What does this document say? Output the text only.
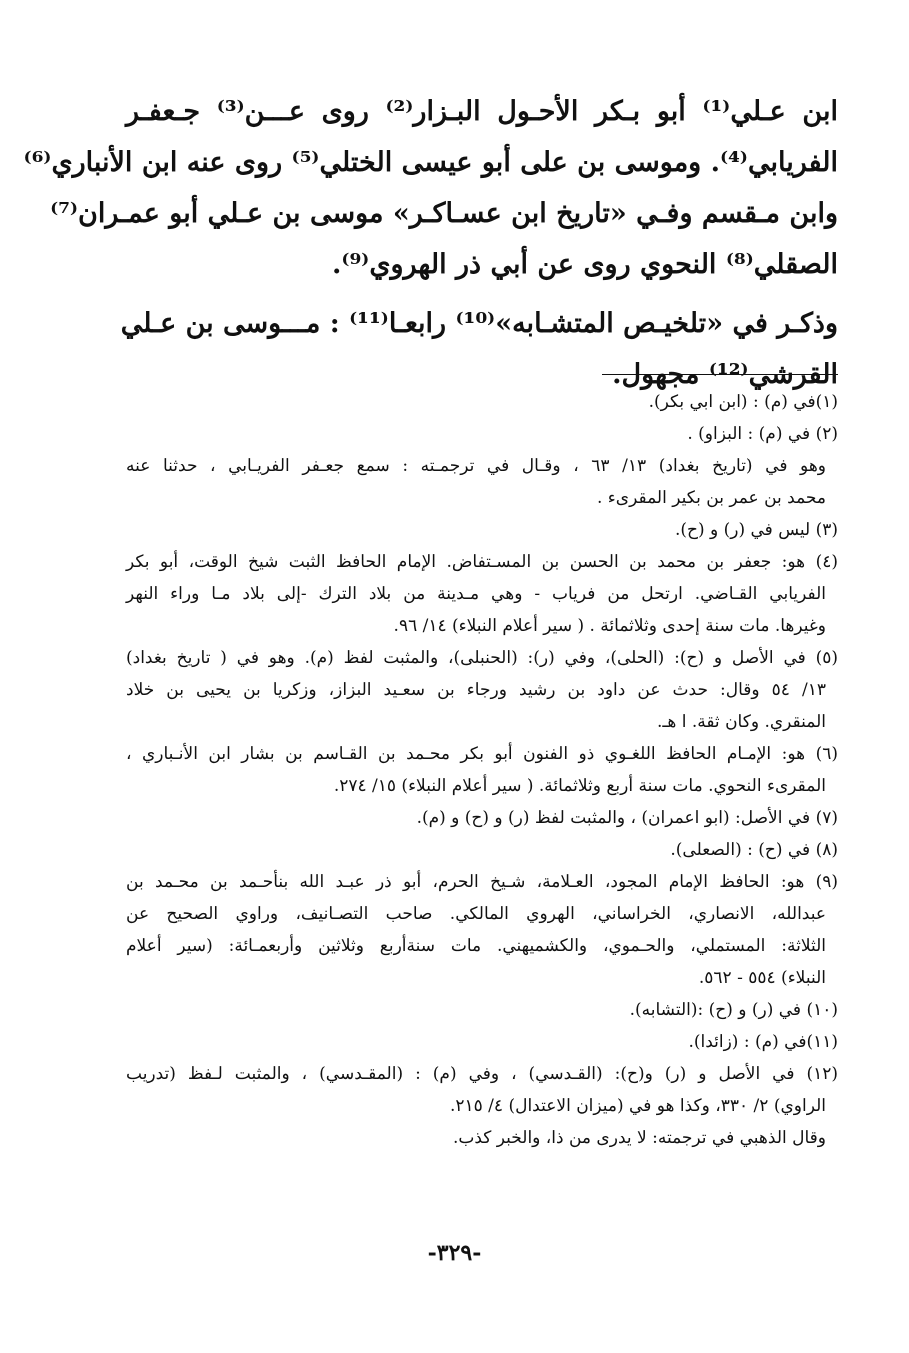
ابن عـلي⁽¹⁾ أبو بـكر الأحـول البـزار⁽²⁾ روى عـــن⁽³⁾ جـعفـر
الفريابي⁽⁴⁾. وموسى بن على أبو عيسى الختلي⁽⁵⁾ روى عنه ابن الأنباري⁽⁶⁾
وابن مـقسم وفـي «تاريخ ابن عسـاكـر» موسى بن عـلي أبو عمـران⁽⁷⁾
الصقلي⁽⁸⁾ النحوي روى عن أبي ذر الهروي⁽⁹⁾.
وذكـر في «تلخيـص المتشـابه»⁽¹⁰⁾ رابعـا⁽¹¹⁾ : مـــوسى بن عـلي
القرشي⁽¹²⁾ مجهول.
(١)في (م) : (ابن ابي بكر).
(٢) في (م) : البزاو) .
وهو في (تاريخ بغداد) ١٣/ ٦٣ ، وقـال في ترجمـته : سمع جعـفر الفريـابي ، حدثنا عنه
محمد بن عمر بن بكير المقرىء .
(٣) ليس في (ر) و (ح).
(٤) هو: جعفر بن محمد بن الحسن بن المسـتفاض. الإمام الحافظ الثبت شيخ الوقت، أبو بكر
الفريابي القـاضي. ارتحل من فرياب - وهي مـدينة من بلاد الترك -إلى بلاد مـا وراء النهر
وغيرها. مات سنة إحدى وثلاثمائة . ( سير أعلام النبلاء) ١٤/ ٩٦.
(٥) في الأصل و (ح): (الحلى)، وفي (ر): (الحنبلى)، والمثبت لفظ (م). وهو في ( تاريخ بغداد)
١٣/ ٥٤ وقال: حدث عن داود بن رشيد ورجاء بن سعـيد البزاز، وزكريا بن يحيى بن خلاد
المنقري. وكان ثقة. ا هـ.
(٦) هو: الإمـام الحافظ اللغـوي ذو الفنون أبو بكر محـمد بن القـاسم بن بشار ابن الأنـباري ،
المقرىء النحوي. مات سنة أربع وثلاثمائة. ( سير أعلام النبلاء) ١٥/ ٢٧٤.
(٧) في الأصل: (ابو اعمران) ، والمثبت لفظ (ر) و (ح) و (م).
(٨) في (ح) : (الصعلى).
(٩) هو: الحافظ الإمام المجود، العـلامة، شـيخ الحرم، أبو ذر عبـد الله بنأحـمد بن محـمد بن
عبدالله، الانصاري، الخراساني، الهروي المالكي. صاحب التصـانيف، وراوي الصحيح عن
الثلاثة: المستملي، والحـموي، والكشميهني. مات سنةأربع وثلاثين وأربعمـائة: (سير أعلام
النبلاء) ٥٥٤ - ٥٦٢.
(١٠) في (ر) و (ح) :(التشابه).
(١١)في (م) : (زائدا).
(١٢) في الأصل و (ر) و(ح): (القـدسي) ، وفي (م) : (المقـدسي) ، والمثبت لـفظ (تدريب
الراوي) ٢/ ٣٣٠، وكذا هو في (ميزان الاعتدال) ٤/ ٢١٥.
وقال الذهبي في ترجمته: لا يدرى من ذا، والخبر كذب.
-٣٢٩-
